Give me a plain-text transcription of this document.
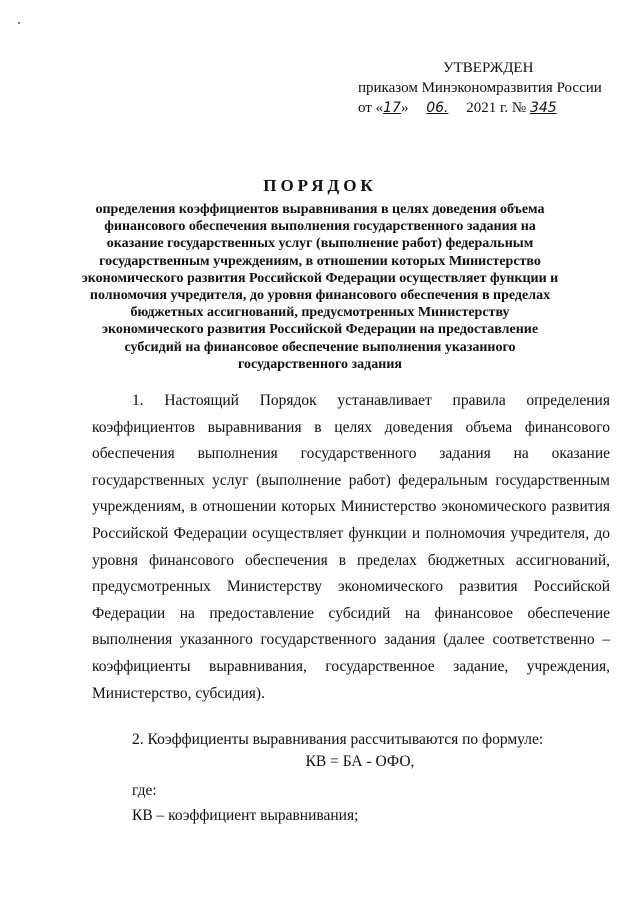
УТВЕРЖДЕН
приказом Минэкономразвития России
от «17» 06. 2021 г. № 345
ПОРЯДОК
определения коэффициентов выравнивания в целях доведения объема финансового обеспечения выполнения государственного задания на оказание государственных услуг (выполнение работ) федеральным государственным учреждениям, в отношении которых Министерство экономического развития Российской Федерации осуществляет функции и полномочия учредителя, до уровня финансового обеспечения в пределах бюджетных ассигнований, предусмотренных Министерству экономического развития Российской Федерации на предоставление субсидий на финансовое обеспечение выполнения указанного государственного задания

1. Настоящий Порядок устанавливает правила определения коэффициентов выравнивания в целях доведения объема финансового обеспечения выполнения государственного задания на оказание государственных услуг (выполнение работ) федеральным государственным учреждениям, в отношении которых Министерство экономического развития Российской Федерации осуществляет функции и полномочия учредителя, до уровня финансового обеспечения в пределах бюджетных ассигнований, предусмотренных Министерству экономического развития Российской Федерации на предоставление субсидий на финансовое обеспечение выполнения указанного государственного задания (далее соответственно – коэффициенты выравнивания, государственное задание, учреждения, Министерство, субсидия).

2. Коэффициенты выравнивания рассчитываются по формуле:

КВ = БА - ОФО,
где:
КВ – коэффициент выравнивания;
